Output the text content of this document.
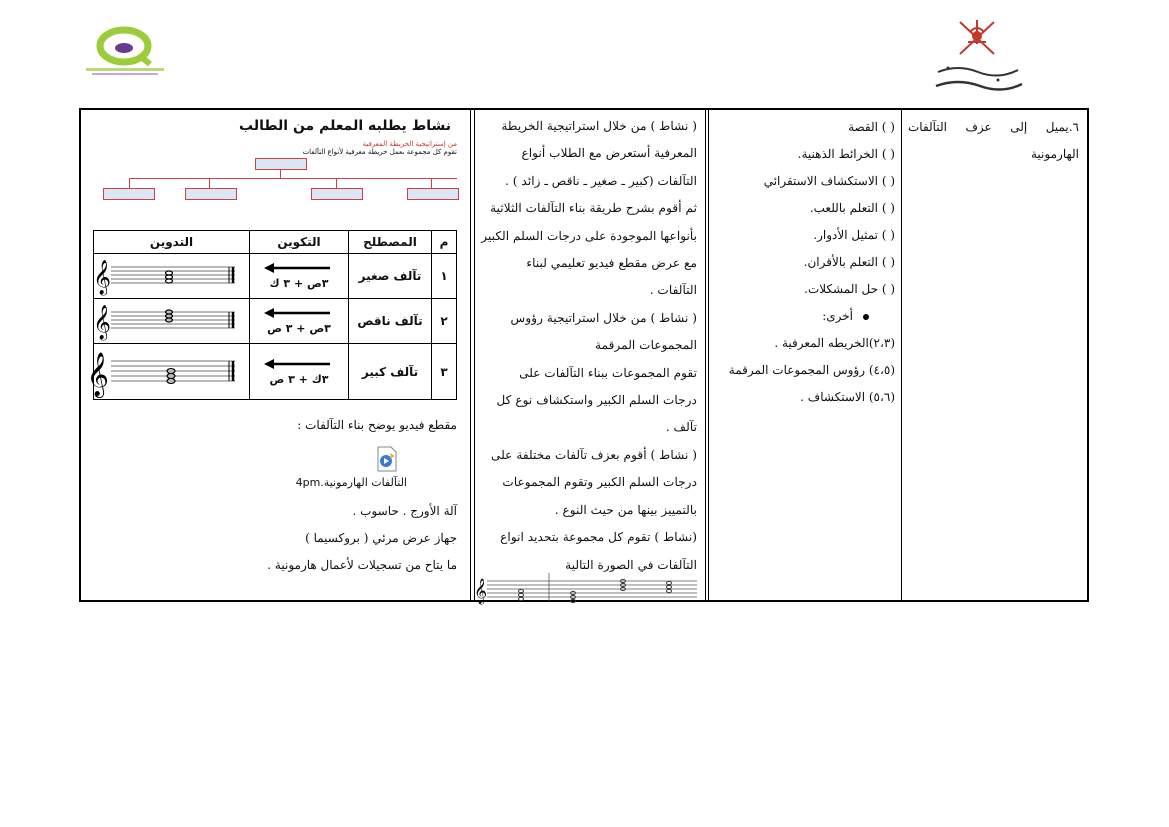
٦.يميل إلى عزف التآلفات
الهارمونية
( ) القصة
( ) الخرائط الذهنية.
( ) الاستكشاف الاستقرائي
( ) التعلم باللعب.
( ) تمثيل الأدوار.
( ) التعلم بالأقران.
( ) حل المشكلات.
أخرى:
(٢،٣)الخريطه المعرفية .
(٤،٥) رؤوس المجموعات المرقمة
(٥،٦) الاستكشاف .
( نشاط ) من خلال استراتيجية الخريطة
المعرفية أستعرض مع الطلاب أنواع
التآلفات (كبير ـ صغير ـ ناقص ـ زائد ) .
ثم أقوم بشرح طريقة بناء التآلفات الثلاثية
بأنواعها الموجودة على درجات السلم الكبير
مع عرض مقطع فيديو تعليمي لبناء
التآلفات .
( نشاط ) من خلال استراتيجية رؤوس
المجموعات المرقمة
تقوم المجموعات ببناء التآلفات على
درجات السلم الكبير واستكشاف نوع كل
تآلف .
( نشاط ) أقوم بعزف تآلفات مختلفة على
درجات السلم الكبير وتقوم المجموعات
بالتمييز بينها من حيث النوع .
(نشاط ) تقوم كل مجموعة بتحديد انواع
التآلفات في الصورة التالية
𝄞
نشاط يطلبه المعلم من الطالب
من إستراتيجية الخريطة المعرفية
تقوم كل مجموعة بعمل خريطة معرفية لأنواع التآلفات
م	المصطلح	التكوين	التدوين
١	تآلف صغير	٣ص + ٣ ك	𝄞

٢	تآلف ناقص	٣ص + ٣ ص	𝄞

٣	تآلف كبير	٣ك + ٣ ص	𝄞
مقطع فيديو يوضح بناء التآلفات :
التآلفات الهارمونية.4pm
آلة الأورج . حاسوب .
جهاز عرض مرئي ( بروكسيما )
ما يتاح من تسجيلات لأعمال هارمونية .
